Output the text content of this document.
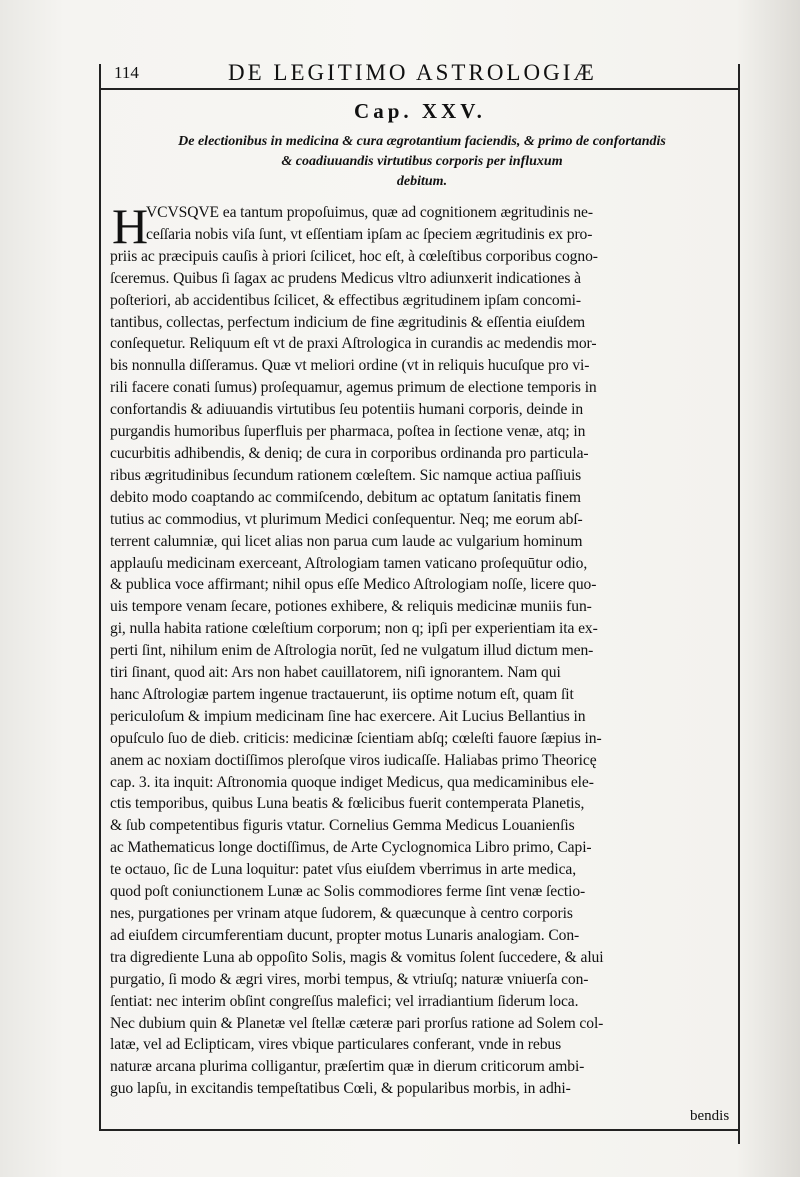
114	DE LEGITIMO ASTROLOGIÆ
Cap. XXV.
De electionibus in medicina & cura ægrotantium faciendis, & primo de confortandis
& coadiuuandis virtutibus corporis per influxum
debitum.
H
VCVSQVE ea tantum propoſuimus, quæ ad cognitionem ægritudinis ne-
ceſſaria nobis viſa ſunt, vt eſſentiam ipſam ac ſpeciem ægritudinis ex pro-
priis ac præcipuis cauſis à priori ſcilicet, hoc eſt, à cœleſtibus corporibus cogno-
ſceremus. Quibus ſi ſagax ac prudens Medicus vltro adiunxerit indicationes à
poſteriori, ab accidentibus ſcilicet, & effectibus ægritudinem ipſam concomi-
tantibus, collectas, perfectum indicium de fine ægritudinis & eſſentia eiuſdem
conſequetur. Reliquum eſt vt de praxi Aſtrologica in curandis ac medendis mor-
bis nonnulla diſſeramus. Quæ vt meliori ordine (vt in reliquis hucuſque pro vi-
rili facere conati ſumus) proſequamur, agemus primum de electione temporis in
confortandis & adiuuandis virtutibus ſeu potentiis humani corporis, deinde in
purgandis humoribus ſuperfluis per pharmaca, poſtea in ſectione venæ, atq; in
cucurbitis adhibendis, & deniq; de cura in corporibus ordinanda pro particula-
ribus ægritudinibus ſecundum rationem cœleſtem. Sic namque actiua paſſiuis
debito modo coaptando ac commiſcendo, debitum ac optatum ſanitatis finem
tutius ac commodius, vt plurimum Medici conſequentur. Neq; me eorum abſ-
terrent calumniæ, qui licet alias non parua cum laude ac vulgarium hominum
applauſu medicinam exerceant, Aſtrologiam tamen vaticano proſequūtur odio,
& publica voce affirmant; nihil opus eſſe Medico Aſtrologiam noſſe, licere quo-
uis tempore venam ſecare, potiones exhibere, & reliquis medicinæ muniis fun-
gi, nulla habita ratione cœleſtium corporum; non q; ipſi per experientiam ita ex-
perti ſint, nihilum enim de Aſtrologia norūt, ſed ne vulgatum illud dictum men-
tiri ſinant, quod ait: Ars non habet cauillatorem, niſi ignorantem. Nam qui
hanc Aſtrologiæ partem ingenue tractauerunt, iis optime notum eſt, quam ſit
periculoſum & impium medicinam ſine hac exercere. Ait Lucius Bellantius in
opuſculo ſuo de dieb. criticis: medicinæ ſcientiam abſq; cœleſti fauore ſæpius in-
anem ac noxiam doctiſſimos pleroſque viros iudicaſſe. Haliabas primo Theoricę
cap. 3. ita inquit: Aſtronomia quoque indiget Medicus, qua medicaminibus ele-
ctis temporibus, quibus Luna beatis & fœlicibus fuerit contemperata Planetis,
& ſub competentibus figuris vtatur. Cornelius Gemma Medicus Louanienſis
ac Mathematicus longe doctiſſimus, de Arte Cyclognomica Libro primo, Capi-
te octauo, ſic de Luna loquitur: patet vſus eiuſdem vberrimus in arte medica,
quod poſt coniunctionem Lunæ ac Solis commodiores ferme ſint venæ ſectio-
nes, purgationes per vrinam atque ſudorem, & quæcunque à centro corporis
ad eiuſdem circumferentiam ducunt, propter motus Lunaris analogiam. Con-
tra digrediente Luna ab oppoſito Solis, magis & vomitus ſolent ſuccedere, & alui
purgatio, ſi modo & ægri vires, morbi tempus, & vtriuſq; naturæ vniuerſa con-
ſentiat: nec interim obſint congreſſus malefici; vel irradiantium ſiderum loca.
Nec dubium quin & Planetæ vel ſtellæ cæteræ pari prorſus ratione ad Solem col-
latæ, vel ad Eclipticam, vires vbique particulares conferant, vnde in rebus
naturæ arcana plurima colligantur, præſertim quæ in dierum criticorum ambi-
guo lapſu, in excitandis tempeſtatibus Cœli, & popularibus morbis, in adhi-
bendis
